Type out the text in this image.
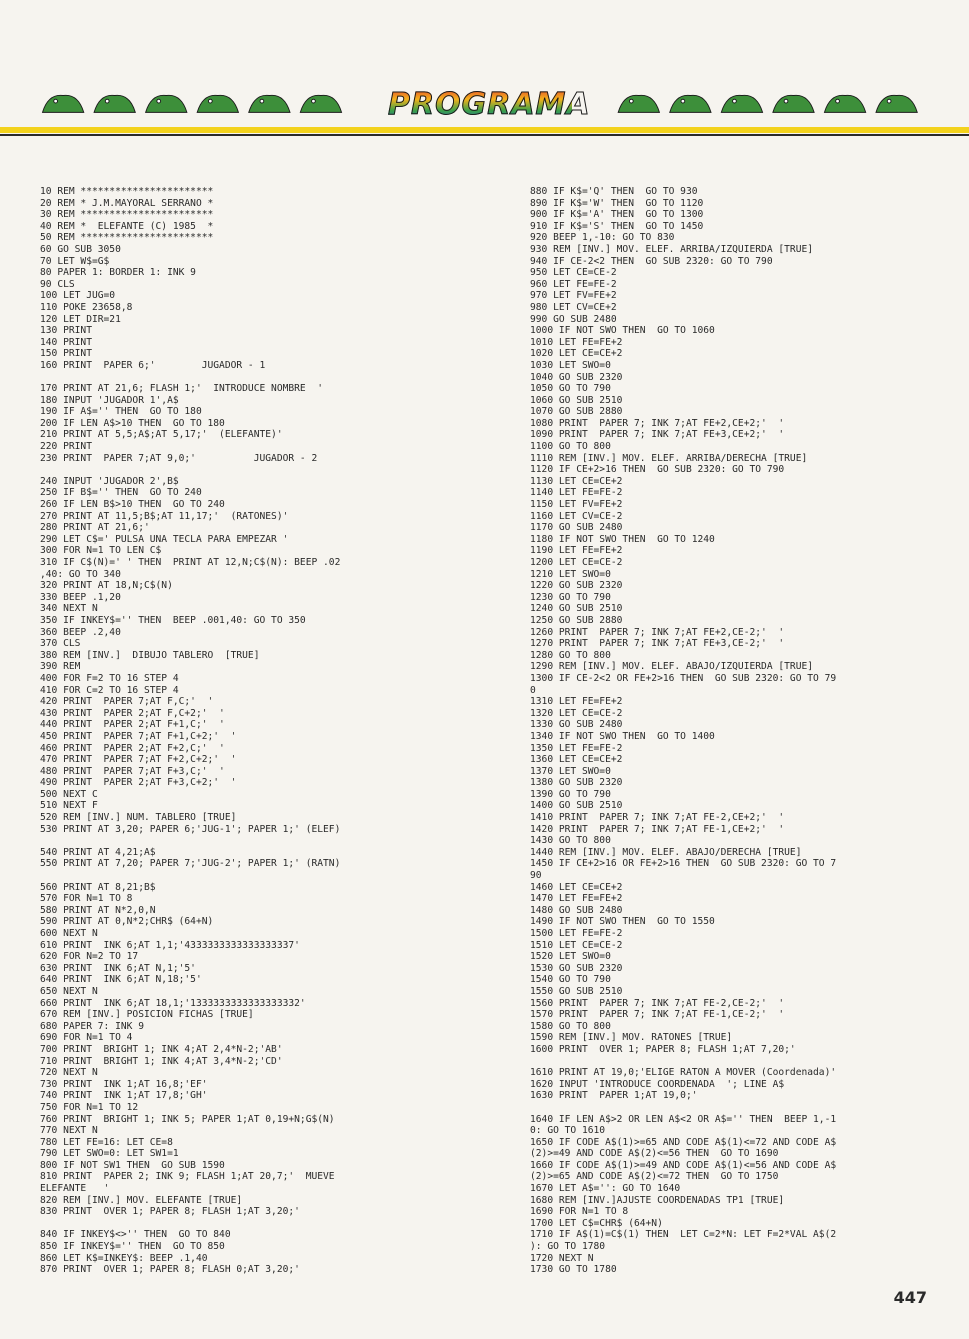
PROGRAMA
10 REM ***********************
20 REM * J.M.MAYORAL SERRANO *
30 REM ***********************
40 REM *  ELEFANTE (C) 1985  *
50 REM ***********************
60 GO SUB 3050
70 LET W$=G$
80 PAPER 1: BORDER 1: INK 9
90 CLS
100 LET JUG=0
110 POKE 23658,8
120 LET DIR=21
130 PRINT
140 PRINT
150 PRINT
160 PRINT  PAPER 6;'        JUGADOR - 1
170 PRINT AT 21,6; FLASH 1;'  INTRODUCE NOMBRE  '
180 INPUT 'JUGADOR 1',A$
190 IF A$='' THEN  GO TO 180
200 IF LEN A$>10 THEN  GO TO 180
210 PRINT AT 5,5;A$;AT 5,17;'  (ELEFANTE)'
220 PRINT
230 PRINT  PAPER 7;AT 9,0;'          JUGADOR - 2
240 INPUT 'JUGADOR 2',B$
250 IF B$='' THEN  GO TO 240
260 IF LEN B$>10 THEN  GO TO 240
270 PRINT AT 11,5;B$;AT 11,17;'  (RATONES)'
280 PRINT AT 21,6;'
290 LET C$=' PULSA UNA TECLA PARA EMPEZAR '
300 FOR N=1 TO LEN C$
310 IF C$(N)=' ' THEN  PRINT AT 12,N;C$(N): BEEP .02
,40: GO TO 340
320 PRINT AT 18,N;C$(N)
330 BEEP .1,20
340 NEXT N
350 IF INKEY$='' THEN  BEEP .001,40: GO TO 350
360 BEEP .2,40
370 CLS
380 REM [INV.]  DIBUJO TABLERO  [TRUE]
390 REM
400 FOR F=2 TO 16 STEP 4
410 FOR C=2 TO 16 STEP 4
420 PRINT  PAPER 7;AT F,C;'  '
430 PRINT  PAPER 2;AT F,C+2;'  '
440 PRINT  PAPER 2;AT F+1,C;'  '
450 PRINT  PAPER 7;AT F+1,C+2;'  '
460 PRINT  PAPER 2;AT F+2,C;'  '
470 PRINT  PAPER 7;AT F+2,C+2;'  '
480 PRINT  PAPER 7;AT F+3,C;'  '
490 PRINT  PAPER 2;AT F+3,C+2;'  '
500 NEXT C
510 NEXT F
520 REM [INV.] NUM. TABLERO [TRUE]
530 PRINT AT 3,20; PAPER 6;'JUG-1'; PAPER 1;' (ELEF)
540 PRINT AT 4,21;A$
550 PRINT AT 7,20; PAPER 7;'JUG-2'; PAPER 1;' (RATN)
560 PRINT AT 8,21;B$
570 FOR N=1 TO 8
580 PRINT AT N*2,0,N
590 PRINT AT 0,N*2;CHR$ (64+N)
600 NEXT N
610 PRINT  INK 6;AT 1,1;'4333333333333333337'
620 FOR N=2 TO 17
630 PRINT  INK 6;AT N,1;'5'
640 PRINT  INK 6;AT N,18;'5'
650 NEXT N
660 PRINT  INK 6;AT 18,1;'1333333333333333332'
670 REM [INV.] POSICION FICHAS [TRUE]
680 PAPER 7: INK 9
690 FOR N=1 TO 4
700 PRINT  BRIGHT 1; INK 4;AT 2,4*N-2;'AB'
710 PRINT  BRIGHT 1; INK 4;AT 3,4*N-2;'CD'
720 NEXT N
730 PRINT  INK 1;AT 16,8;'EF'
740 PRINT  INK 1;AT 17,8;'GH'
750 FOR N=1 TO 12
760 PRINT  BRIGHT 1; INK 5; PAPER 1;AT 0,19+N;G$(N)
770 NEXT N
780 LET FE=16: LET CE=8
790 LET SWO=0: LET SW1=1
800 IF NOT SW1 THEN  GO SUB 1590
810 PRINT  PAPER 2; INK 9; FLASH 1;AT 20,7;'  MUEVE
ELEFANTE   '
820 REM [INV.] MOV. ELEFANTE [TRUE]
830 PRINT  OVER 1; PAPER 8; FLASH 1;AT 3,20;'
840 IF INKEY$<>'' THEN  GO TO 840
850 IF INKEY$='' THEN  GO TO 850
860 LET K$=INKEY$: BEEP .1,40
870 PRINT  OVER 1; PAPER 8; FLASH 0;AT 3,20;'
880 IF K$='Q' THEN  GO TO 930
890 IF K$='W' THEN  GO TO 1120
900 IF K$='A' THEN  GO TO 1300
910 IF K$='S' THEN  GO TO 1450
920 BEEP 1,-10: GO TO 830
930 REM [INV.] MOV. ELEF. ARRIBA/IZQUIERDA [TRUE]
940 IF CE-2<2 THEN  GO SUB 2320: GO TO 790
950 LET CE=CE-2
960 LET FE=FE-2
970 LET FV=FE+2
980 LET CV=CE+2
990 GO SUB 2480
1000 IF NOT SWO THEN  GO TO 1060
1010 LET FE=FE+2
1020 LET CE=CE+2
1030 LET SWO=0
1040 GO SUB 2320
1050 GO TO 790
1060 GO SUB 2510
1070 GO SUB 2880
1080 PRINT  PAPER 7; INK 7;AT FE+2,CE+2;'  '
1090 PRINT  PAPER 7; INK 7;AT FE+3,CE+2;'  '
1100 GO TO 800
1110 REM [INV.] MOV. ELEF. ARRIBA/DERECHA [TRUE]
1120 IF CE+2>16 THEN  GO SUB 2320: GO TO 790
1130 LET CE=CE+2
1140 LET FE=FE-2
1150 LET FV=FE+2
1160 LET CV=CE-2
1170 GO SUB 2480
1180 IF NOT SWO THEN  GO TO 1240
1190 LET FE=FE+2
1200 LET CE=CE-2
1210 LET SWO=0
1220 GO SUB 2320
1230 GO TO 790
1240 GO SUB 2510
1250 GO SUB 2880
1260 PRINT  PAPER 7; INK 7;AT FE+2,CE-2;'  '
1270 PRINT  PAPER 7; INK 7;AT FE+3,CE-2;'  '
1280 GO TO 800
1290 REM [INV.] MOV. ELEF. ABAJO/IZQUIERDA [TRUE]
1300 IF CE-2<2 OR FE+2>16 THEN  GO SUB 2320: GO TO 79
0
1310 LET FE=FE+2
1320 LET CE=CE-2
1330 GO SUB 2480
1340 IF NOT SWO THEN  GO TO 1400
1350 LET FE=FE-2
1360 LET CE=CE+2
1370 LET SWO=0
1380 GO SUB 2320
1390 GO TO 790
1400 GO SUB 2510
1410 PRINT  PAPER 7; INK 7;AT FE-2,CE+2;'  '
1420 PRINT  PAPER 7; INK 7;AT FE-1,CE+2;'  '
1430 GO TO 800
1440 REM [INV.] MOV. ELEF. ABAJO/DERECHA [TRUE]
1450 IF CE+2>16 OR FE+2>16 THEN  GO SUB 2320: GO TO 7
90
1460 LET CE=CE+2
1470 LET FE=FE+2
1480 GO SUB 2480
1490 IF NOT SWO THEN  GO TO 1550
1500 LET FE=FE-2
1510 LET CE=CE-2
1520 LET SWO=0
1530 GO SUB 2320
1540 GO TO 790
1550 GO SUB 2510
1560 PRINT  PAPER 7; INK 7;AT FE-2,CE-2;'  '
1570 PRINT  PAPER 7; INK 7;AT FE-1,CE-2;'  '
1580 GO TO 800
1590 REM [INV.] MOV. RATONES [TRUE]
1600 PRINT  OVER 1; PAPER 8; FLASH 1;AT 7,20;'
1610 PRINT AT 19,0;'ELIGE RATON A MOVER (Coordenada)'
1620 INPUT 'INTRODUCE COORDENADA  '; LINE A$
1630 PRINT  PAPER 1;AT 19,0;'
1640 IF LEN A$>2 OR LEN A$<2 OR A$='' THEN  BEEP 1,-1
0: GO TO 1610
1650 IF CODE A$(1)>=65 AND CODE A$(1)<=72 AND CODE A$
(2)>=49 AND CODE A$(2)<=56 THEN  GO TO 1690
1660 IF CODE A$(1)>=49 AND CODE A$(1)<=56 AND CODE A$
(2)>=65 AND CODE A$(2)<=72 THEN  GO TO 1750
1670 LET A$='': GO TO 1640
1680 REM [INV.]AJUSTE COORDENADAS TP1 [TRUE]
1690 FOR N=1 TO 8
1700 LET C$=CHR$ (64+N)
1710 IF A$(1)=C$(1) THEN  LET C=2*N: LET F=2*VAL A$(2
): GO TO 1780
1720 NEXT N
1730 GO TO 1780
447
